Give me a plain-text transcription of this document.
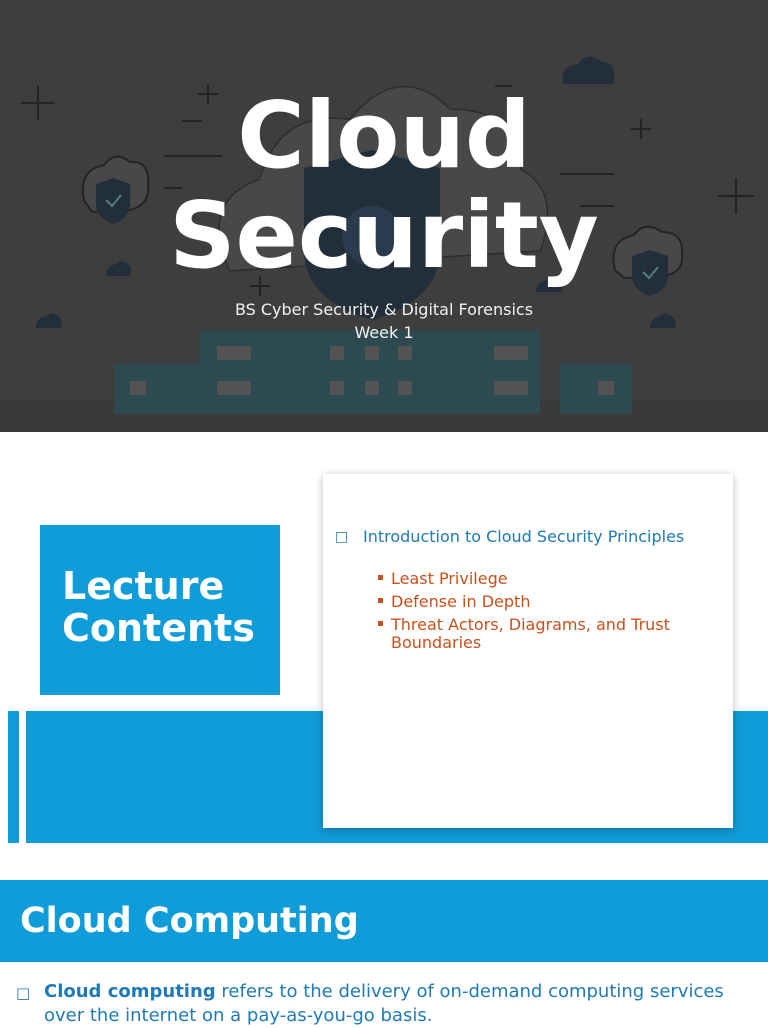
Cloud
Security
BS Cyber Security & Digital Forensics
Week 1
Lecture
Contents
□ Introduction to Cloud Security Principles
Least Privilege
Defense in Depth
Threat Actors, Diagrams, and Trust Boundaries
Cloud Computing
□ Cloud computing refers to the delivery of on-demand computing services over the internet on a pay-as-you-go basis.
